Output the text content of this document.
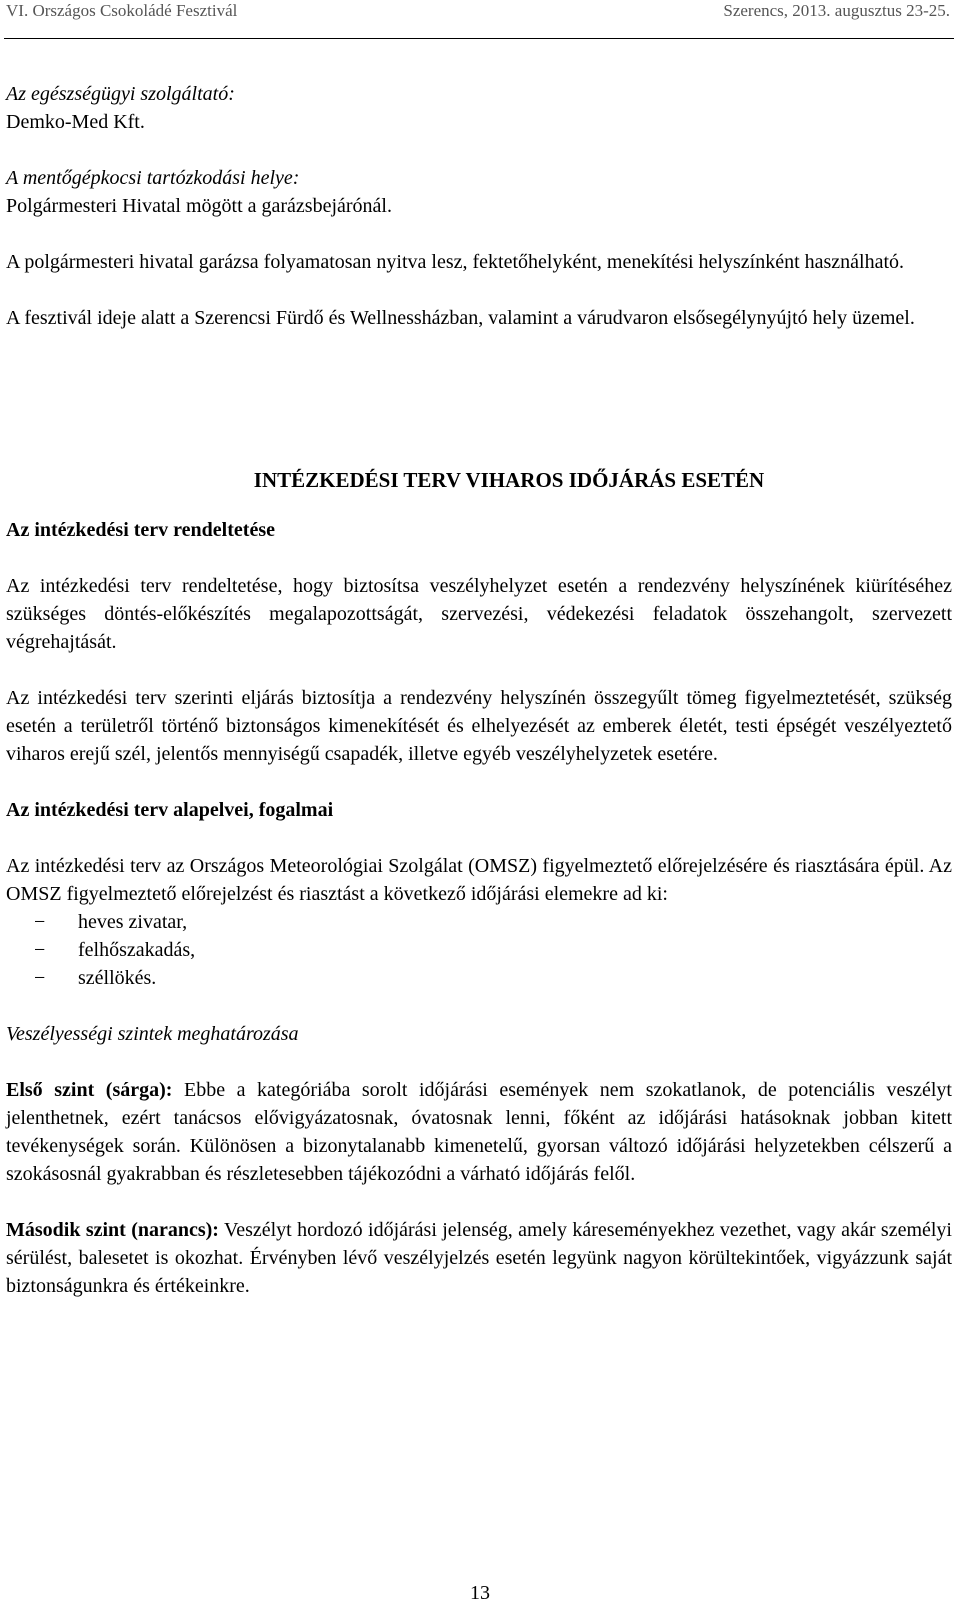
VI. Országos Csokoládé Fesztivál	Szerencs, 2013. augusztus 23-25.
Az egészségügyi szolgáltató:
Demko-Med Kft.
A mentőgépkocsi tartózkodási helye:
Polgármesteri Hivatal mögött a garázsbejárónál.

A polgármesteri hivatal garázsa folyamatosan nyitva lesz, fektetőhelyként, menekítési helyszínként használható.

A fesztivál ideje alatt a Szerencsi Fürdő és Wellnessházban, valamint a várudvaron elsősegélynyújtó hely üzemel.

INTÉZKEDÉSI TERV VIHAROS IDŐJÁRÁS ESETÉN
Az intézkedési terv rendeltetése

Az intézkedési terv rendeltetése, hogy biztosítsa veszélyhelyzet esetén a rendezvény helyszínének kiürítéséhez szükséges döntés-előkészítés megalapozottságát, szervezési, védekezési feladatok összehangolt, szervezett végrehajtását.

Az intézkedési terv szerinti eljárás biztosítja a rendezvény helyszínén összegyűlt tömeg figyelmeztetését, szükség esetén a területről történő biztonságos kimenekítését és elhelyezését az emberek életét, testi épségét veszélyeztető viharos erejű szél, jelentős mennyiségű csapadék, illetve egyéb veszélyhelyzetek esetére.

Az intézkedési terv alapelvei, fogalmai

Az intézkedési terv az Országos Meteorológiai Szolgálat (OMSZ) figyelmeztető előrejelzésére és riasztására épül. Az OMSZ figyelmeztető előrejelzést és riasztást a következő időjárási elemekre ad ki:

− heves zivatar,
− felhőszakadás,
− széllökés.
Veszélyességi szintek meghatározása

Első szint (sárga): Ebbe a kategóriába sorolt időjárási események nem szokatlanok, de potenciális veszélyt jelenthetnek, ezért tanácsos elővigyázatosnak, óvatosnak lenni, főként az időjárási hatásoknak jobban kitett tevékenységek során. Különösen a bizonytalanabb kimenetelű, gyorsan változó időjárási helyzetekben célszerű a szokásosnál gyakrabban és részletesebben tájékozódni a várható időjárás felől.

Második szint (narancs): Veszélyt hordozó időjárási jelenség, amely káreseményekhez vezethet, vagy akár személyi sérülést, balesetet is okozhat. Érvényben lévő veszélyjelzés esetén legyünk nagyon körültekintőek, vigyázzunk saját biztonságunkra és értékeinkre.

13
